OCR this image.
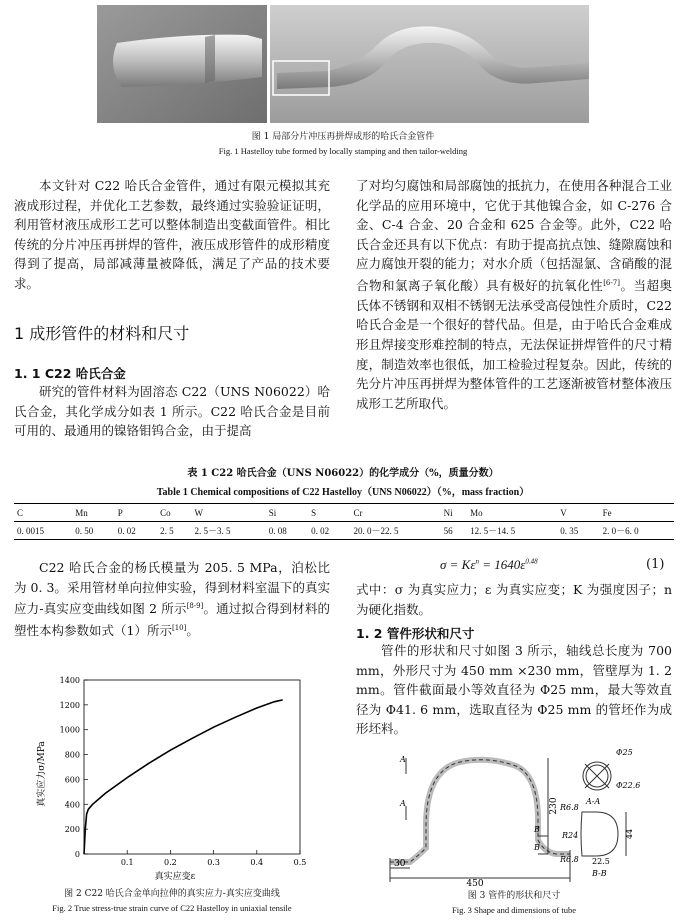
图 1 局部分片冲压再拼焊成形的哈氏合金管件
Fig. 1 Hastelloy tube formed by locally stamping and then tailor-welding

本文针对 C22 哈氏合金管件，通过有限元模拟其充液成形过程，并优化工艺参数，最终通过实验验证证明，利用管材液压成形工艺可以整体制造出变截面管件。相比传统的分片冲压再拼焊的管件，液压成形管件的成形精度得到了提高，局部减薄量被降低，满足了产品的技术要求。

1 成形管件的材料和尺寸
1. 1 C22 哈氏合金

研究的管件材料为固溶态 C22（UNS N06022）哈氏合金，其化学成分如表 1 所示。C22 哈氏合金是目前可用的、最通用的镍铬钼钨合金，由于提高

了对均匀腐蚀和局部腐蚀的抵抗力，在使用各种混合工业化学品的应用环境中，它优于其他镍合金，如 C-276 合金、C-4 合金、20 合金和 625 合金等。此外，C22 哈氏合金还具有以下优点：有助于提高抗点蚀、缝隙腐蚀和应力腐蚀开裂的能力；对水介质（包括湿氯、含硝酸的混合物和氯离子氧化酸）具有极好的抗氧化性[6-7]。当超奥氏体不锈钢和双相不锈钢无法承受高侵蚀性介质时，C22 哈氏合金是一个很好的替代品。但是，由于哈氏合金难成形且焊接变形难控制的特点，无法保证拼焊管件的尺寸精度，制造效率也很低，加工检验过程复杂。因此，传统的先分片冲压再拼焊为整体管件的工艺逐渐被管材整体液压成形工艺所取代。

表 1 C22 哈氏合金（UNS N06022）的化学成分（%，质量分数）
Table 1 Chemical compositions of C22 Hastelloy（UNS N06022）（%，mass fraction）
C	Mn	P	Co	W	Si	S	Cr	Ni	Mo	V	Fe
0. 0015	0. 50	0. 02	2. 5	2. 5－3. 5	0. 08	0. 02	20. 0－22. 5	56	12. 5－14. 5	0. 35	2. 0－6. 0

C22 哈氏合金的杨氏模量为 205. 5 MPa，泊松比为 0. 3。采用管材单向拉伸实验，得到材料室温下的真实应力-真实应变曲线如图 2 所示[8-9]。通过拟合得到材料的塑性本构参数如式（1）所示[10]。

$\sigma = K\varepsilon^n = 1640\varepsilon^{0.48}$	(1)

式中：σ 为真实应力；ε 为真实应变；K 为强度因子；n 为硬化指数。

1. 2 管件形状和尺寸

管件的形状和尺寸如图 3 所示，轴线总长度为 700 mm，外形尺寸为 450 mm ×230 mm，管壁厚为 1. 2 mm。管件截面最小等效直径为 Φ25 mm，最大等效直径为 Φ41. 6 mm，选取直径为 Φ25 mm 的管坯作为成形坯料。

0
200
400
600
800
1000
1200
1400
0.1	0.2	0.3	0.4	0.5
真实应变ε
真实应力σ/MPa
图 2 C22 哈氏合金单向拉伸的真实应力-真实应变曲线
Fig. 2 True stress-true strain curve of C22 Hastelloy in uniaxial tensile
A
A
B
B
450
230
30
Φ25
Φ22.6
A-A
R6.8
R24
R6.8
44
22.5
B-B
图 3 管件的形状和尺寸
Fig. 3 Shape and dimensions of tube
